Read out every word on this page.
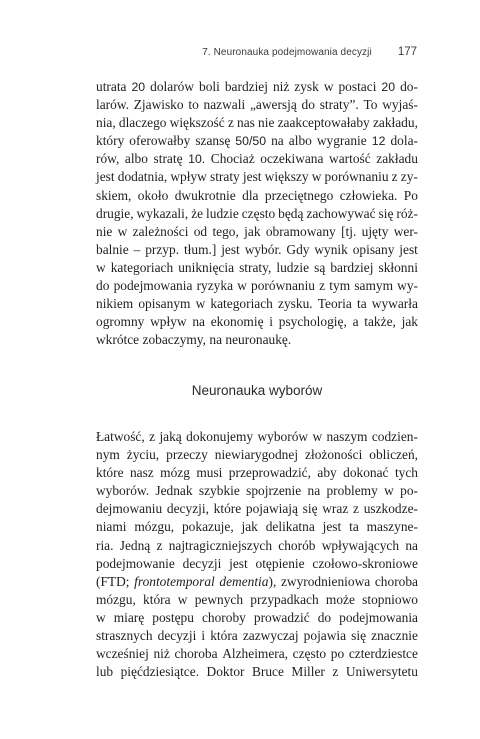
7. Neuronauka podejmowania decyzji 177
utrata 20 dolarów boli bardziej niż zysk w postaci 20 do-
larów. Zjawisko to nazwali „awersją do straty”. To wyjaś-
nia, dlaczego większość z nas nie zaakceptowałaby zakładu,
który oferowałby szansę 50/50 na albo wygranie 12 dola-
rów, albo stratę 10. Chociaż oczekiwana wartość zakładu
jest dodatnia, wpływ straty jest większy w porównaniu z zy-
skiem, około dwukrotnie dla przeciętnego człowieka. Po
drugie, wykazali, że ludzie często będą zachowywać się róż-
nie w zależności od tego, jak obramowany [tj. ujęty wer-
balnie – przyp. tłum.] jest wybór. Gdy wynik opisany jest
w kategoriach uniknięcia straty, ludzie są bardziej skłonni
do podejmowania ryzyka w porównaniu z tym samym wy-
nikiem opisanym w kategoriach zysku. Teoria ta wywarła
ogromny wpływ na ekonomię i psychologię, a także, jak
wkrótce zobaczymy, na neuronaukę.
Neuronauka wyborów
Łatwość, z jaką dokonujemy wyborów w naszym codzien-
nym życiu, przeczy niewiarygodnej złożoności obliczeń,
które nasz mózg musi przeprowadzić, aby dokonać tych
wyborów. Jednak szybkie spojrzenie na problemy w po-
dejmowaniu decyzji, które pojawiają się wraz z uszkodze-
niami mózgu, pokazuje, jak delikatna jest ta maszyne-
ria. Jedną z najtragiczniejszych chorób wpływających na
podejmowanie decyzji jest otępienie czołowo-skroniowe
(FTD; frontotemporal dementia), zwyrodnieniowa choroba
mózgu, która w pewnych przypadkach może stopniowo
w miarę postępu choroby prowadzić do podejmowania
strasznych decyzji i która zazwyczaj pojawia się znacznie
wcześniej niż choroba Alzheimera, często po czterdziestce
lub pięćdziesiątce. Doktor Bruce Miller z Uniwersytetu
